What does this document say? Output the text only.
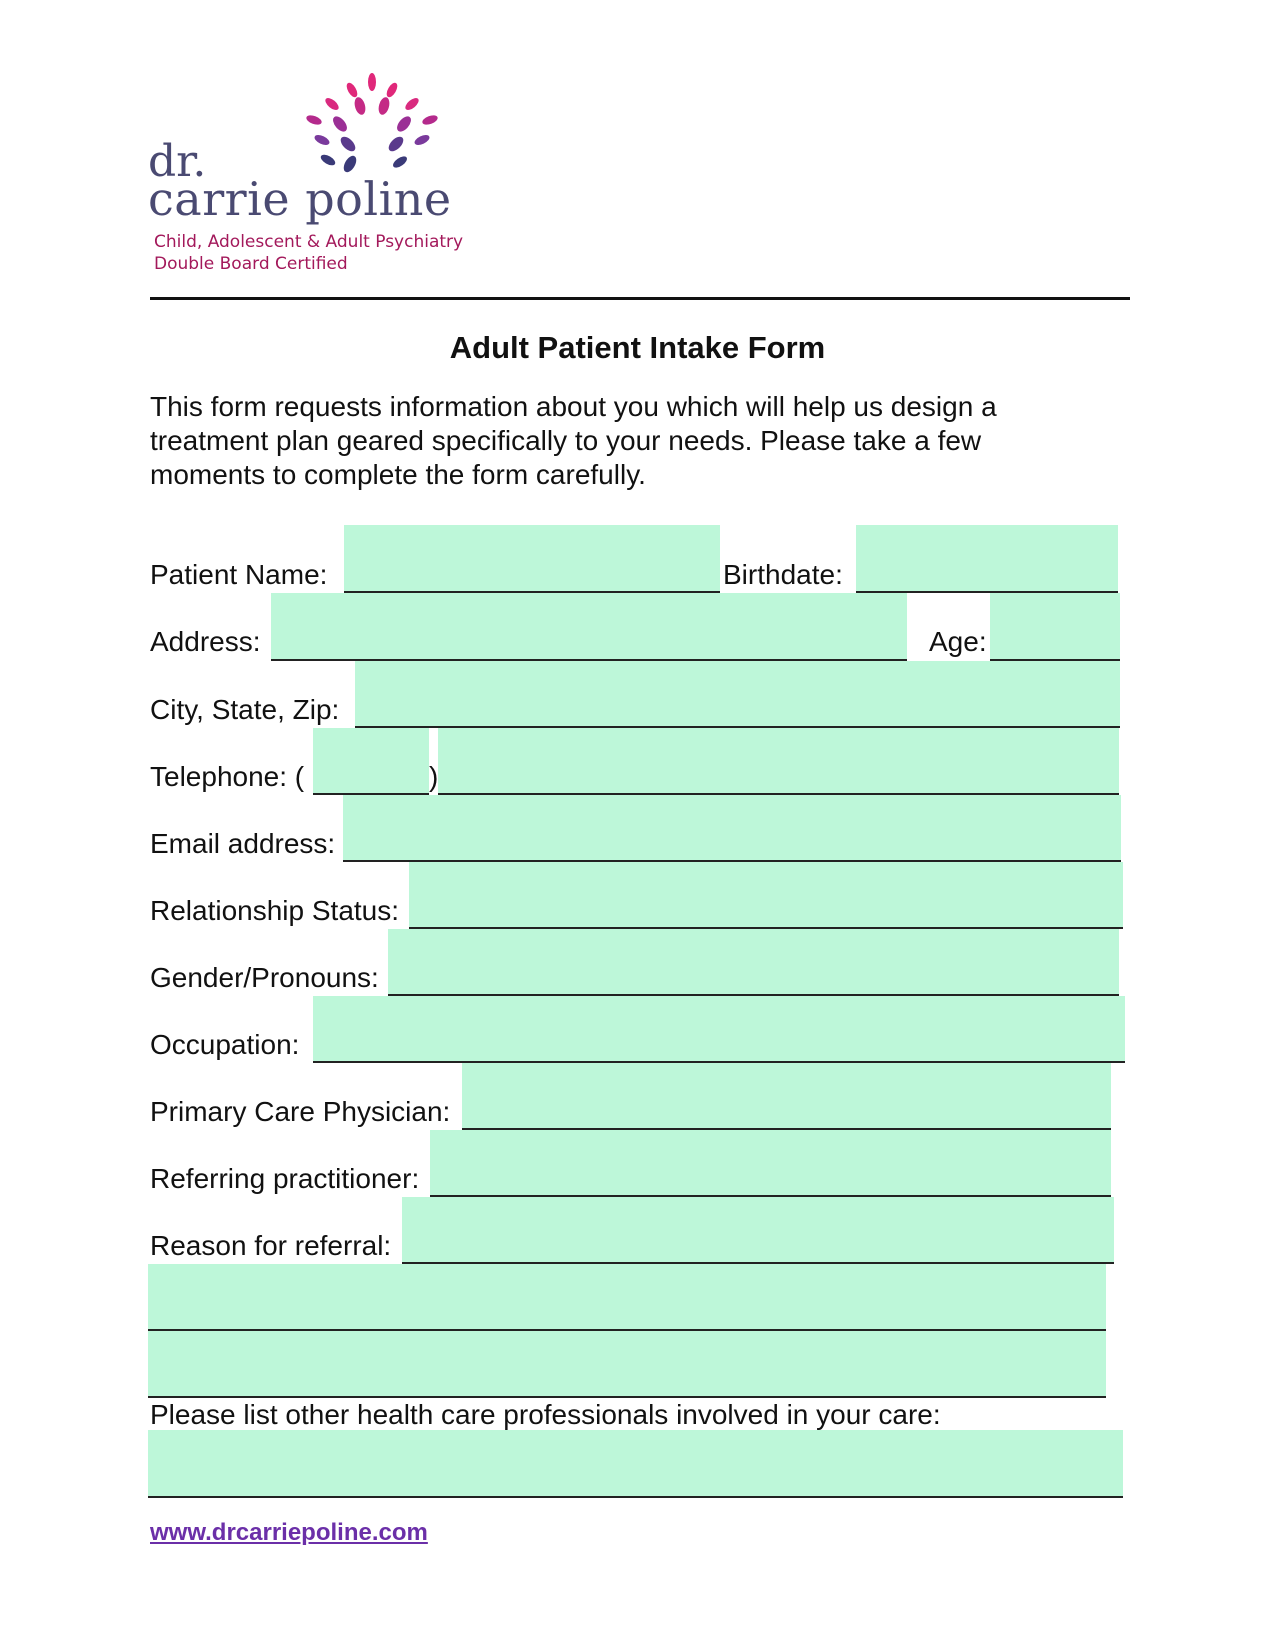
dr.
carrie poline
Child, Adolescent & Adult Psychiatry
Double Board Certified
Adult Patient Intake Form
This form requests information about you which will help us design a treatment plan geared specifically to your needs. Please take a few moments to complete the form carefully.
Patient Name:	Birthdate:
Address:	Age:
City, State, Zip:
Telephone: (	)
Email address:
Relationship Status:
Gender/Pronouns:
Occupation:
Primary Care Physician:
Referring practitioner:
Reason for referral:
Please list other health care professionals involved in your care:
www.drcarriepoline.com
